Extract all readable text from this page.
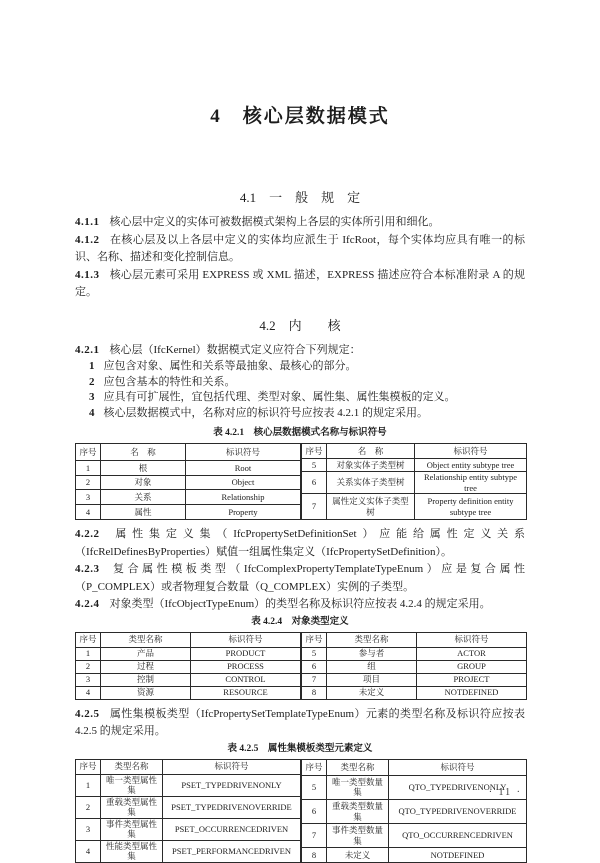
4　核心层数据模式
4.1　一　般　规　定

4.1.1 核心层中定义的实体可被数据模式架构上各层的实体所引用和细化。

4.1.2 在核心层及以上各层中定义的实体均应派生于 IfcRoot，每个实体均应具有唯一的标识、名称、描述和变化控制信息。

4.1.3 核心层元素可采用 EXPRESS 或 XML 描述，EXPRESS 描述应符合本标准附录 A 的规定。

4.2　内　　核

4.2.1 核心层（IfcKernel）数据模式定义应符合下列规定：

1 应包含对象、属性和关系等最抽象、最核心的部分。

2 应包含基本的特性和关系。

3 应具有可扩展性，宜包括代理、类型对象、属性集、属性集模板的定义。

4 核心层数据模式中，名称对应的标识符号应按表 4.2.1 的规定采用。

表 4.2.1　核心层数据模式名称与标识符号

序号	名　称	标识符号
1	根	Root
2	对象	Object
3	关系	Relationship
4	属性	Property
序号	名　称	标识符号
5	对象实体子类型树	Object entity subtype tree
6	关系实体子类型树	Relationship entity subtype tree
7	属性定义实体子类型树	Property definition entity subtype tree

4.2.2 属性集定义集（IfcPropertySetDefinitionSet）应能给属性定义关系（IfcRelDefinesByProperties）赋值一组属性集定义（IfcPropertySetDefinition）。

4.2.3 复合属性模板类型（IfcComplexPropertyTemplateTypeEnum）应是复合属性（P_COMPLEX）或者物理复合数量（Q_COMPLEX）实例的子类型。

4.2.4 对象类型（IfcObjectTypeEnum）的类型名称及标识符应按表 4.2.4 的规定采用。

表 4.2.4　对象类型定义

序号	类型名称	标识符号
1	产品	PRODUCT
2	过程	PROCESS
3	控制	CONTROL
4	资源	RESOURCE
序号	类型名称	标识符号
5	参与者	ACTOR
6	组	GROUP
7	项目	PROJECT
8	未定义	NOTDEFINED

4.2.5 属性集模板类型（IfcPropertySetTemplateTypeEnum）元素的类型名称及标识符应按表 4.2.5 的规定采用。

表 4.2.5　属性集模板类型元素定义

序号	类型名称	标识符号
1	唯一类型属性集	PSET_TYPEDRIVENONLY
2	重载类型属性集	PSET_TYPEDRIVENOVERRIDE
3	事件类型属性集	PSET_OCCURRENCEDRIVEN
4	性能类型属性集	PSET_PERFORMANCEDRIVEN
序号	类型名称	标识符号
5	唯一类型数量集	QTO_TYPEDRIVENONLY
6	重载类型数量集	QTO_TYPEDRIVENOVERRIDE
7	事件类型数量集	QTO_OCCURRENCEDRIVEN
8	未定义	NOTDEFINED
· 11 ·
